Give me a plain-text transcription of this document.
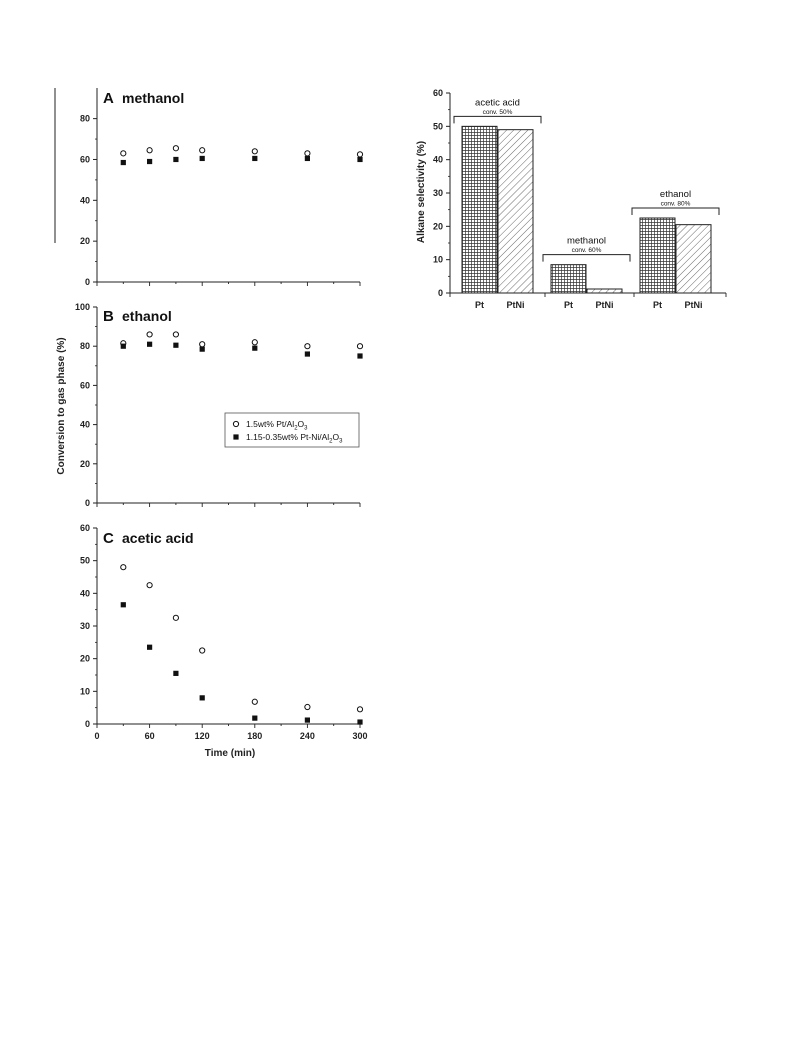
A methanol
0
20
40
60
80
B ethanol
0
20
40
60
80
100
1.5wt% $Pt/Al_2O_3$
1.15-0.35wt% $Pt-Ni/Al_2O_3$
C acetic acid
0
10
20
30
40
50
60
0	60	120	180	240	300
Conversion to gas phase (%)
Time (min)
Alkane selectivity (%)
0
10
20
30
40
50
60
Pt	PtNi
acetic acid
conv. 50%
Pt	PtNi
methanol
conv. 60%
Pt	PtNi
ethanol
conv. 80%
